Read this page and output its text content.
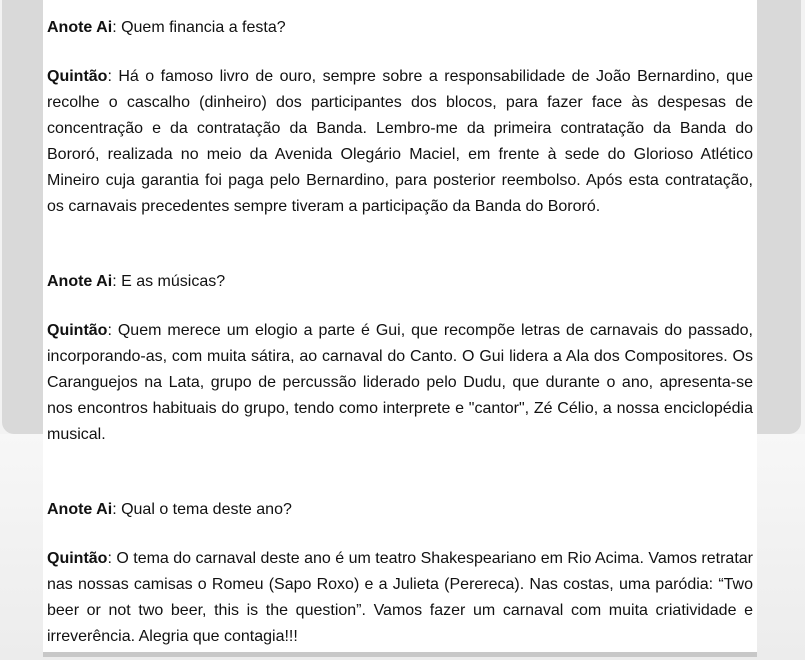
Anote Ai: Quem financia a festa?

Quintão: Há o famoso livro de ouro, sempre sobre a responsabilidade de João Bernardino, que recolhe o cascalho (dinheiro) dos participantes dos blocos, para fazer face às despesas de concentração e da contratação da Banda. Lembro-me da primeira contratação da Banda do Bororó, realizada no meio da Avenida Olegário Maciel, em frente à sede do Glorioso Atlético Mineiro cuja garantia foi paga pelo Bernardino, para posterior reembolso. Após esta contratação, os carnavais precedentes sempre tiveram a participação da Banda do Bororó.

Anote Ai: E as músicas?

Quintão: Quem merece um elogio a parte é Gui, que recompõe letras de carnavais do passado, incorporando-as, com muita sátira, ao carnaval do Canto. O Gui lidera a Ala dos Compositores. Os Caranguejos na Lata, grupo de percussão liderado pelo Dudu, que durante o ano, apresenta-se nos encontros habituais do grupo, tendo como interprete e "cantor", Zé Célio, a nossa enciclopédia musical.

Anote Ai: Qual o tema deste ano?

Quintão: O tema do carnaval deste ano é um teatro Shakespeariano em Rio Acima. Vamos retratar nas nossas camisas o Romeu (Sapo Roxo) e a Julieta (Perereca). Nas costas, uma paródia: “Two beer or not two beer, this is the question”. Vamos fazer um carnaval com muita criatividade e irreverência. Alegria que contagia!!!
